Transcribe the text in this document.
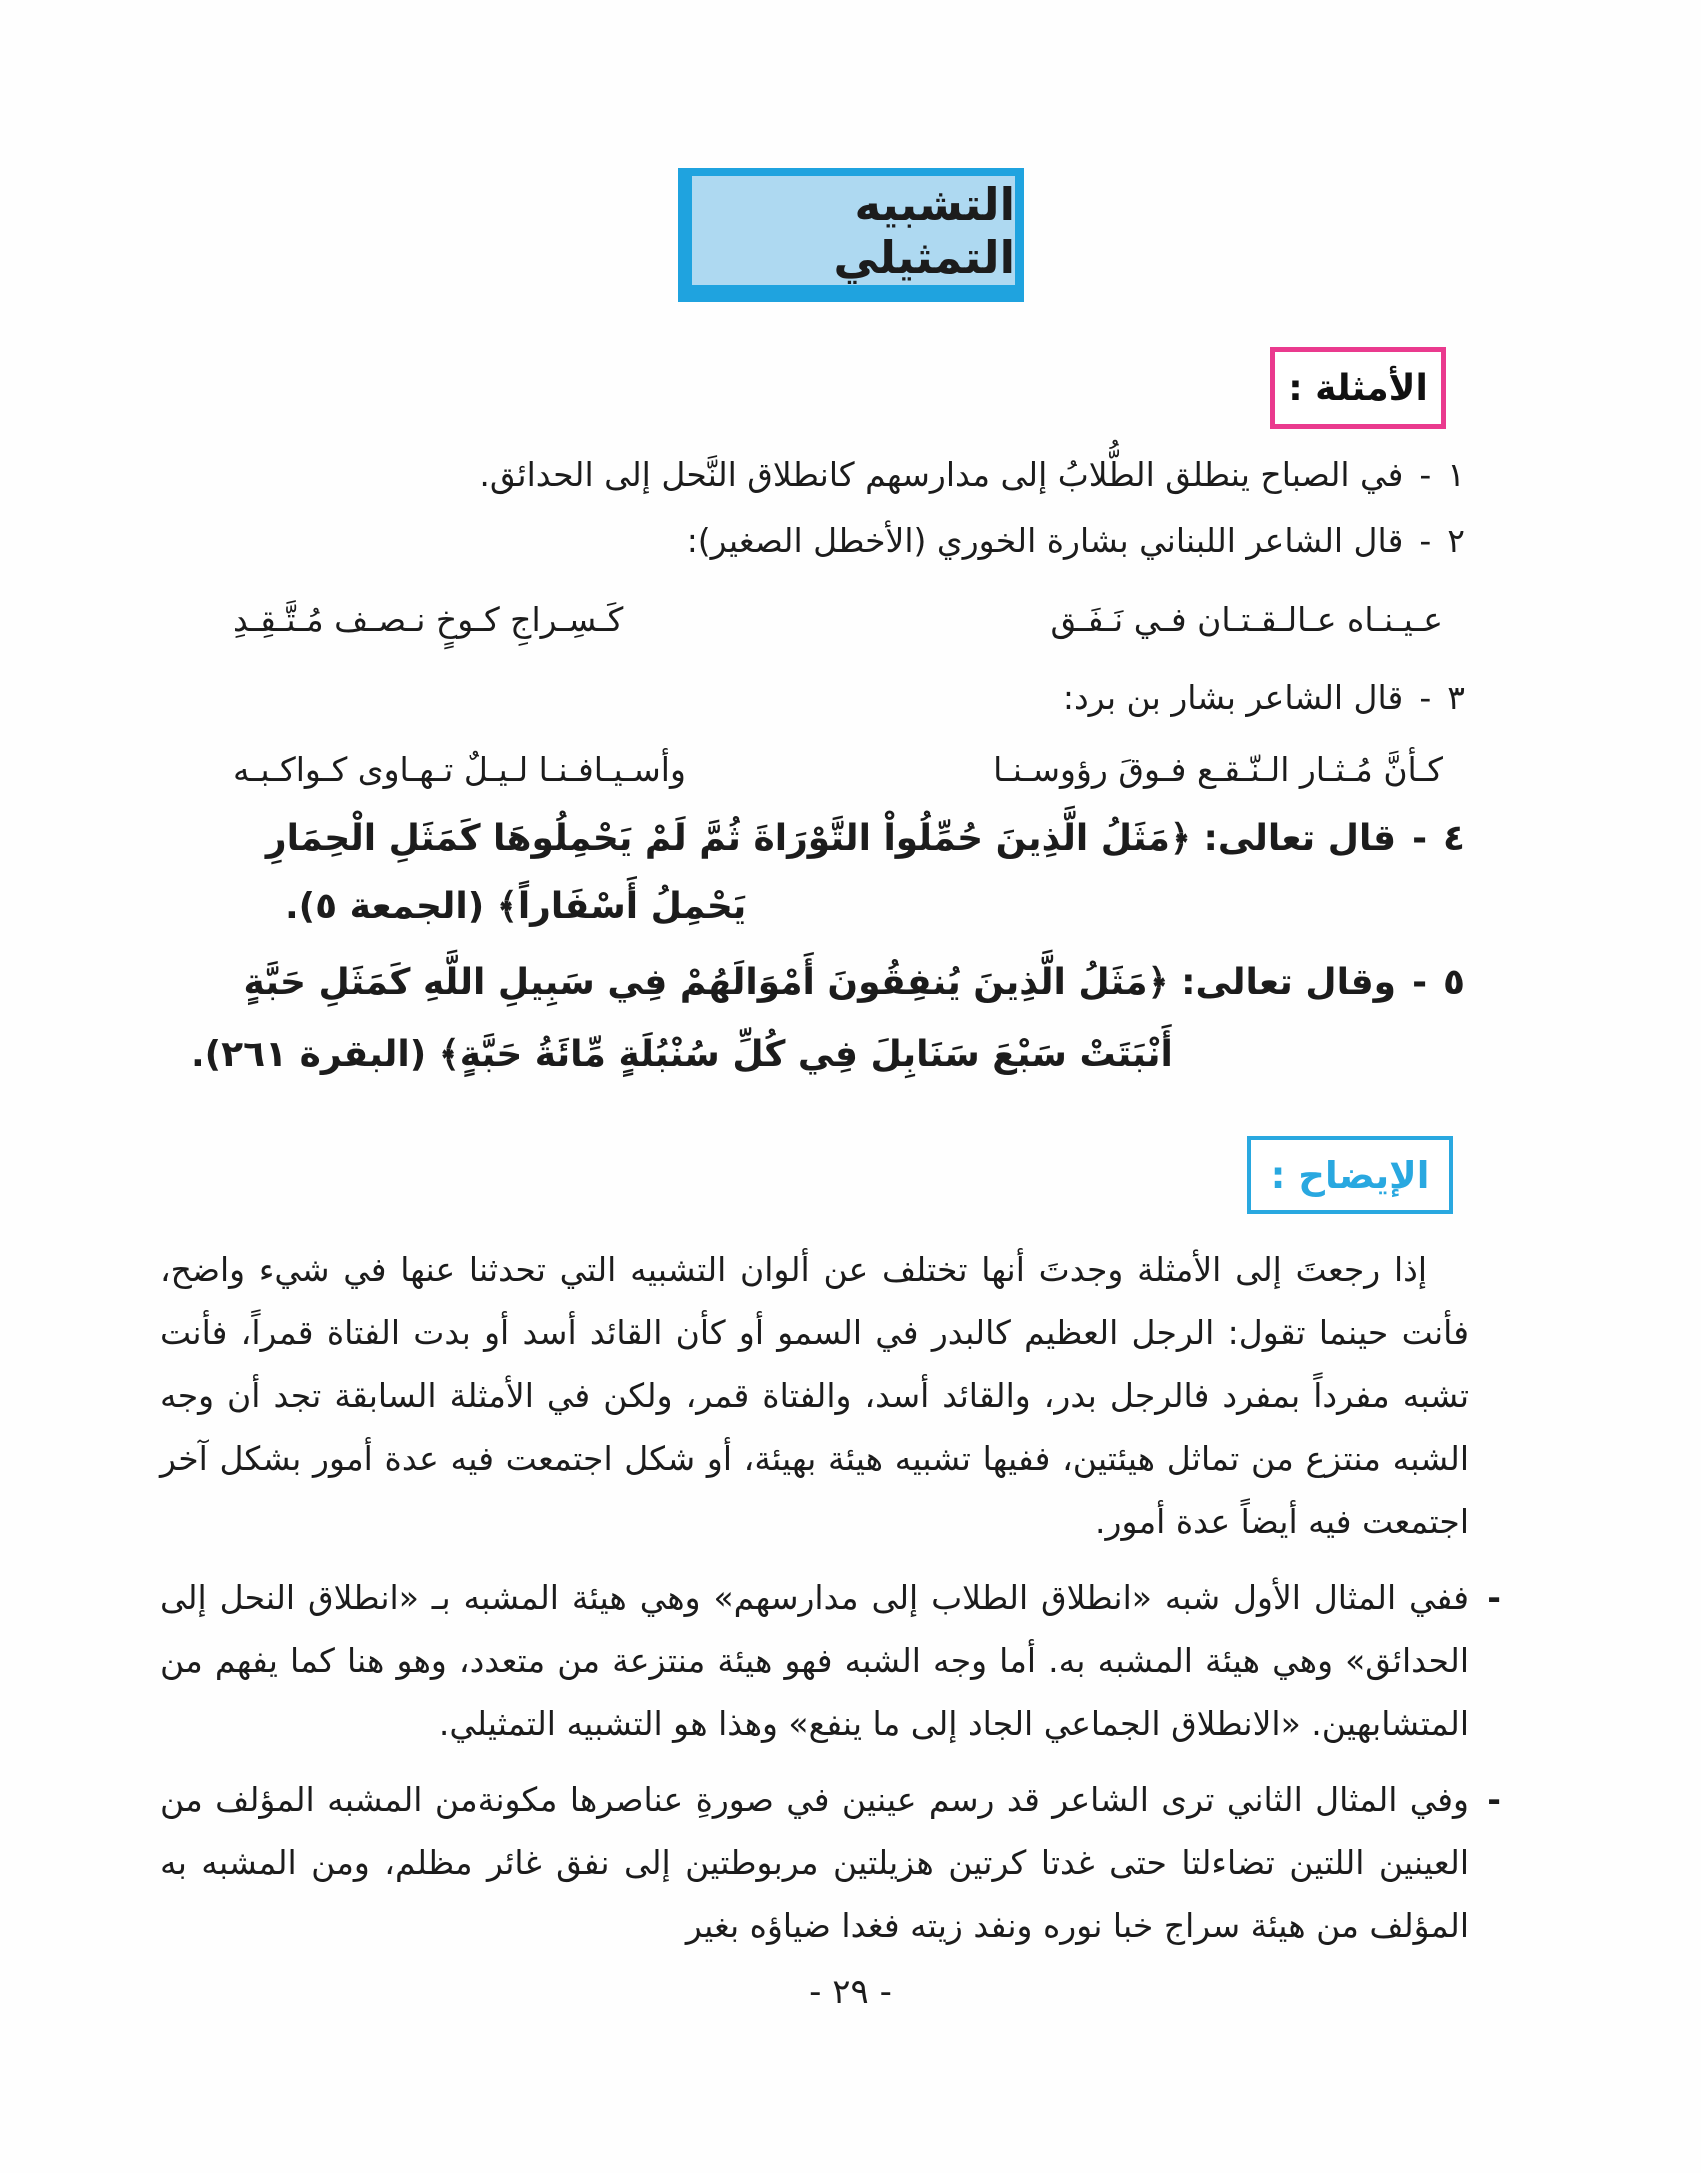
التشبيه التمثيلي
الأمثلة :
١
-
في الصباح ينطلق الطُّلابُ إلى مدارسهم كانطلاق النَّحل إلى الحدائق.
٢
-
قال الشاعر اللبناني بشارة الخوري (الأخطل الصغير):
عـيـنـاه عـالـقـتـان فـي نَـفَـق
كَـسِـراجِ كـوخٍ نـصـف مُـتَّـقِـدِ
٣
-
قال الشاعر بشار بن برد:
كـأنَّ مُـثـار الـنّـقـع فـوقَ رؤوسـنـا
وأسـيـافـنـا لـيـلٌ تـهـاوى كـواكـبـه
٤
-
قال تعالى: ﴿مَثَلُ الَّذِينَ حُمِّلُواْ التَّوْرَاةَ ثُمَّ لَمْ يَحْمِلُوهَا كَمَثَلِ الْحِمَارِ
يَحْمِلُ أَسْفَاراً﴾ (الجمعة ٥).
٥
-
وقال تعالى: ﴿مَثَلُ الَّذِينَ يُنفِقُونَ أَمْوَالَهُمْ فِي سَبِيلِ اللَّهِ كَمَثَلِ حَبَّةٍ
أَنْبَتَتْ سَبْعَ سَنَابِلَ فِي كُلِّ سُنْبُلَةٍ مِّائَةُ حَبَّةٍ﴾ (البقرة ٢٦١).
الإيضاح :

إذا رجعتَ إلى الأمثلة وجدتَ أنها تختلف عن ألوان التشبيه التي تحدثنا عنها في شيء واضح، فأنت حينما تقول: الرجل العظيم كالبدر في السمو أو كأن القائد أسد أو بدت الفتاة قمراً، فأنت تشبه مفرداً بمفرد فالرجل بدر، والقائد أسد، والفتاة قمر، ولكن في الأمثلة السابقة تجد أن وجه الشبه منتزع من تماثل هيئتين، ففيها تشبيه هيئة بهيئة، أو شكل اجتمعت فيه عدة أمور بشكل آخر اجتمعت فيه أيضاً عدة أمور.

-

ففي المثال الأول شبه «انطلاق الطلاب إلى مدارسهم» وهي هيئة المشبه بـ «انطلاق النحل إلى الحدائق» وهي هيئة المشبه به. أما وجه الشبه فهو هيئة منتزعة من متعدد، وهو هنا كما يفهم من المتشابهين. «الانطلاق الجماعي الجاد إلى ما ينفع» وهذا هو التشبيه التمثيلي.

-

وفي المثال الثاني ترى الشاعر قد رسم عينين في صورةِ عناصرها مكونةمن المشبه المؤلف من العينين اللتين تضاءلتا حتى غدتا كرتين هزيلتين مربوطتين إلى نفق غائر مظلم، ومن المشبه به المؤلف من هيئة سراج خبا نوره ونفد زيته فغدا ضياؤه بغير

- ٢٩ -
